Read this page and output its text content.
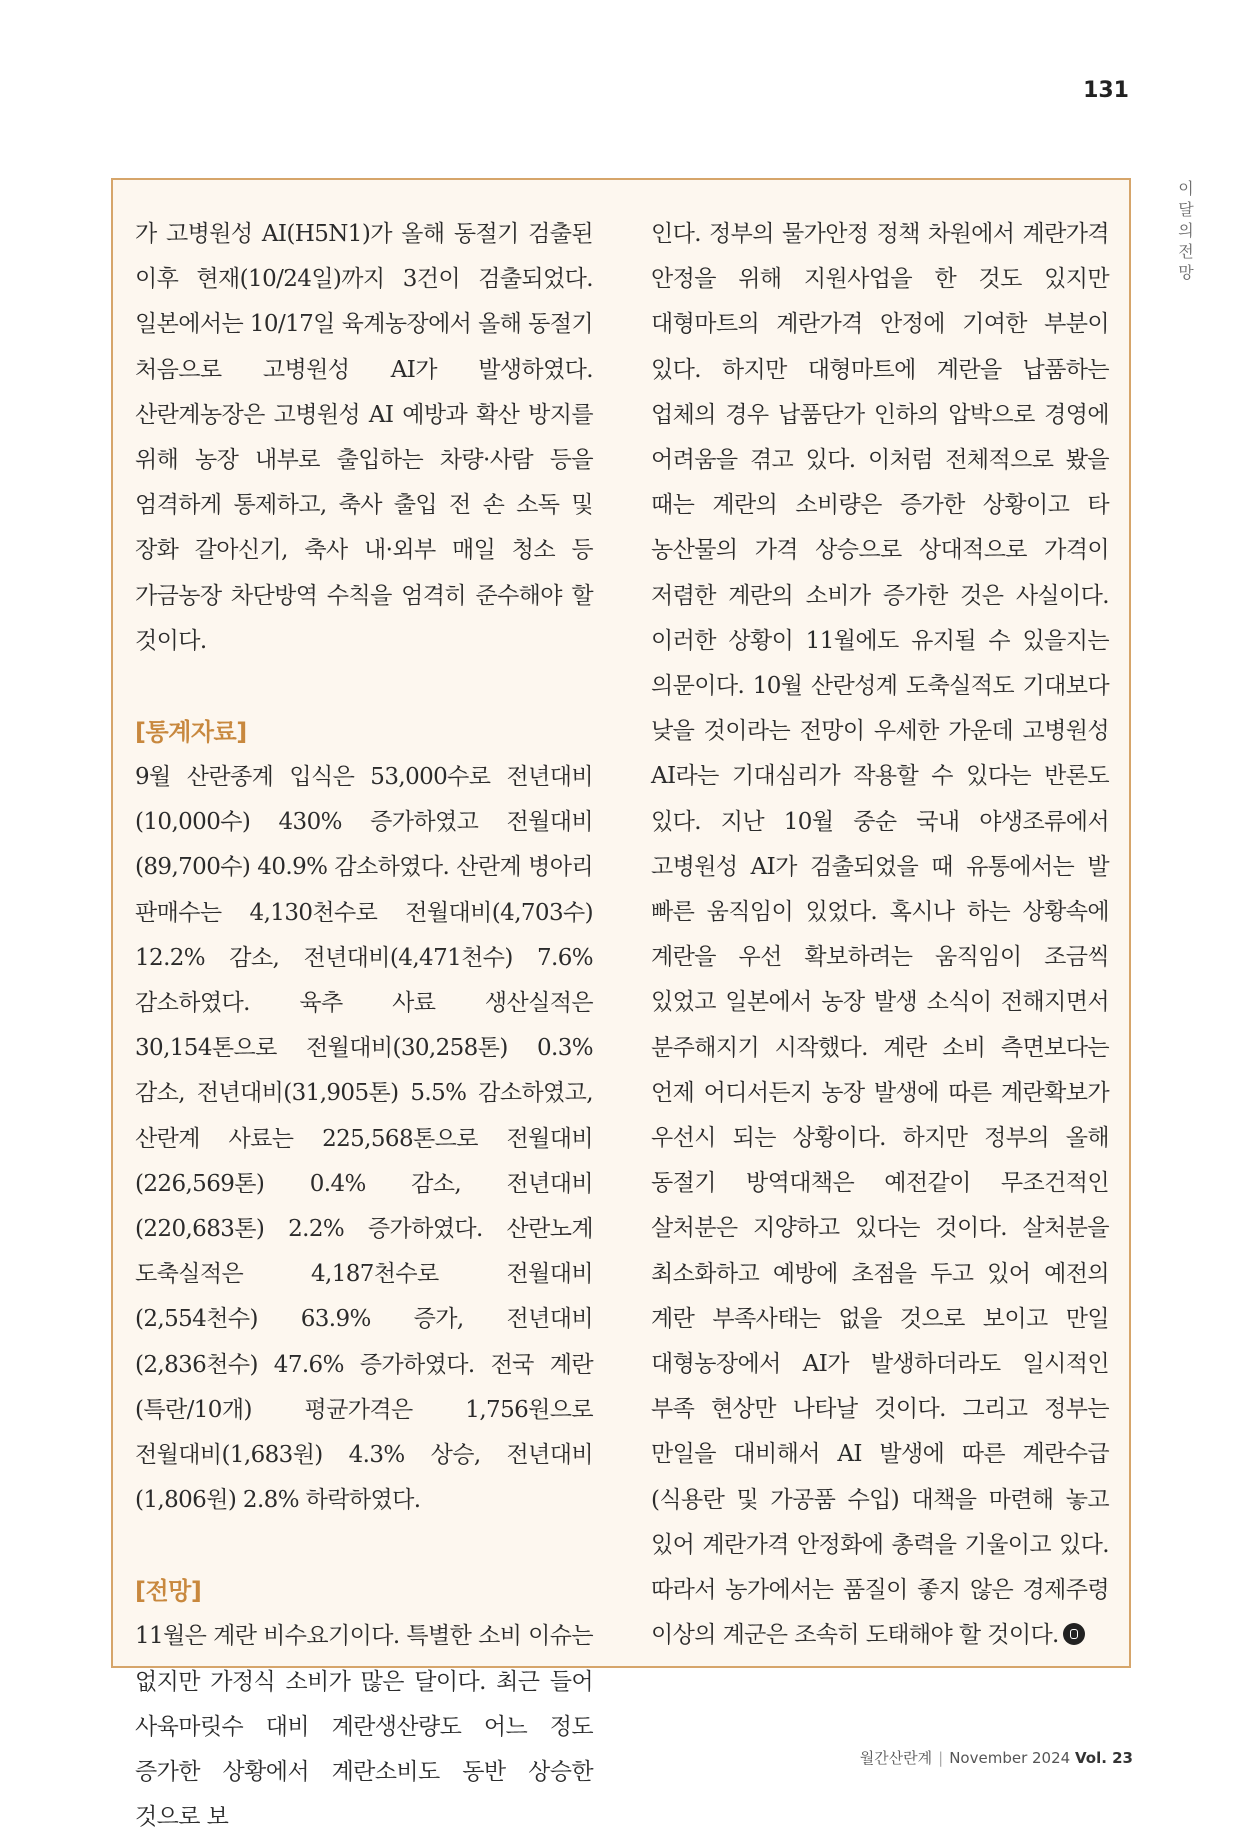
131
이
달
의
전
망

가 고병원성 AI(H5N1)가 올해 동절기 검출된 이후 현재(10/24일)까지 3건이 검출되었다. 일본에서는 10/17일 육계농장에서 올해 동절기 처음으로 고병원성 AI가 발생하였다. 산란계농장은 고병원성 AI 예방과 확산 방지를 위해 농장 내부로 출입하는 차량·사람 등을 엄격하게 통제하고, 축사 출입 전 손 소독 및 장화 갈아신기, 축사 내·외부 매일 청소 등 가금농장 차단방역 수칙을 엄격히 준수해야 할 것이다.

[통계자료]

9월 산란종계 입식은 53,000수로 전년대비(10,000수) 430% 증가하였고 전월대비(89,700수) 40.9% 감소하였다. 산란계 병아리 판매수는 4,130천수로 전월대비(4,703수) 12.2% 감소, 전년대비(4,471천수) 7.6% 감소하였다. 육추 사료 생산실적은 30,154톤으로 전월대비(30,258톤) 0.3% 감소, 전년대비(31,905톤) 5.5% 감소하였고, 산란계 사료는 225,568톤으로 전월대비(226,569톤) 0.4% 감소, 전년대비(220,683톤) 2.2% 증가하였다. 산란노계 도축실적은 4,187천수로 전월대비(2,554천수) 63.9% 증가, 전년대비(2,836천수) 47.6% 증가하였다. 전국 계란(특란/10개) 평균가격은 1,756원으로 전월대비(1,683원) 4.3% 상승, 전년대비(1,806원) 2.8% 하락하였다.

[전망]

11월은 계란 비수요기이다. 특별한 소비 이슈는 없지만 가정식 소비가 많은 달이다. 최근 들어 사육마릿수 대비 계란생산량도 어느 정도 증가한 상황에서 계란소비도 동반 상승한 것으로 보

인다. 정부의 물가안정 정책 차원에서 계란가격 안정을 위해 지원사업을 한 것도 있지만 대형마트의 계란가격 안정에 기여한 부분이 있다. 하지만 대형마트에 계란을 납품하는 업체의 경우 납품단가 인하의 압박으로 경영에 어려움을 겪고 있다. 이처럼 전체적으로 봤을 때는 계란의 소비량은 증가한 상황이고 타 농산물의 가격 상승으로 상대적으로 가격이 저렴한 계란의 소비가 증가한 것은 사실이다. 이러한 상황이 11월에도 유지될 수 있을지는 의문이다. 10월 산란성계 도축실적도 기대보다 낮을 것이라는 전망이 우세한 가운데 고병원성 AI라는 기대심리가 작용할 수 있다는 반론도 있다. 지난 10월 중순 국내 야생조류에서 고병원성 AI가 검출되었을 때 유통에서는 발 빠른 움직임이 있었다. 혹시나 하는 상황속에 계란을 우선 확보하려는 움직임이 조금씩 있었고 일본에서 농장 발생 소식이 전해지면서 분주해지기 시작했다. 계란 소비 측면보다는 언제 어디서든지 농장 발생에 따른 계란확보가 우선시 되는 상황이다. 하지만 정부의 올해 동절기 방역대책은 예전같이 무조건적인 살처분은 지양하고 있다는 것이다. 살처분을 최소화하고 예방에 초점을 두고 있어 예전의 계란 부족사태는 없을 것으로 보이고 만일 대형농장에서 AI가 발생하더라도 일시적인 부족 현상만 나타날 것이다. 그리고 정부는 만일을 대비해서 AI 발생에 따른 계란수급(식용란 및 가공품 수입) 대책을 마련해 놓고 있어 계란가격 안정화에 총력을 기울이고 있다. 따라서 농가에서는 품질이 좋지 않은 경제주령 이상의 계군은 조속히 도태해야 할 것이다.

월간산란계 | November 2024 Vol. 23
